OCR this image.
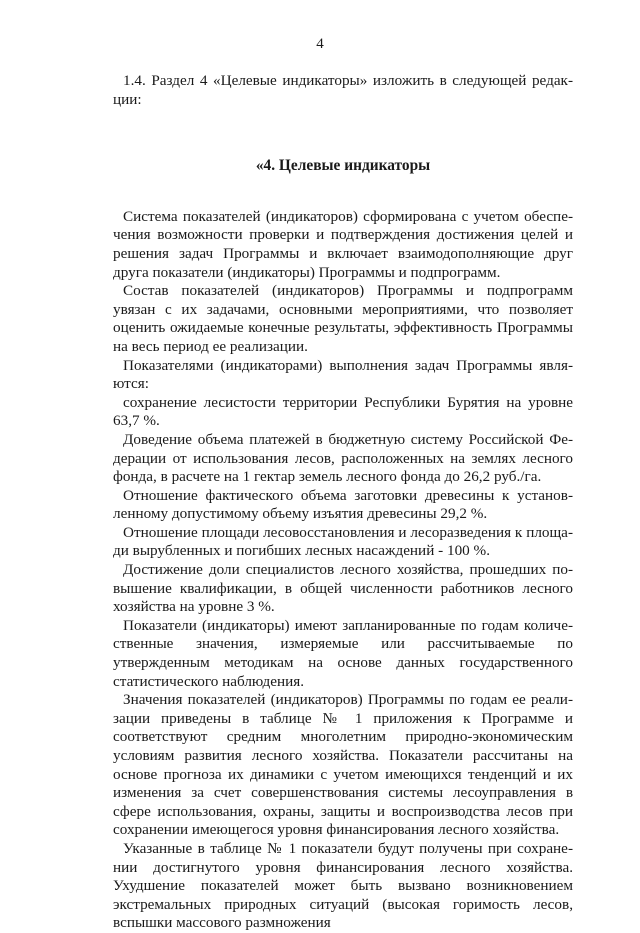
4

1.4. Раздел 4 «Целевые индикаторы» изложить в следующей редакции:

«4. Целевые индикаторы

Система показателей (индикаторов) сформирована с учетом обеспечения возможности проверки и подтверждения достижения целей и решения задач Программы и включает взаимодополняющие друг друга показатели (индикаторы) Программы и подпрограмм.

Состав показателей (индикаторов) Программы и подпрограмм увязан с их задачами, основными мероприятиями, что позволяет оценить ожидаемые конечные результаты, эффективность Программы на весь период ее реализации.

Показателями (индикаторами) выполнения задач Программы являются:

сохранение лесистости территории Республики Бурятия на уровне 63,7 %.

Доведение объема платежей в бюджетную систему Российской Федерации от использования лесов, расположенных на землях лесного фонда, в расчете на 1 гектар земель лесного фонда до 26,2 руб./га.

Отношение фактического объема заготовки древесины к установленному допустимому объему изъятия древесины 29,2 %.

Отношение площади лесовосстановления и лесоразведения к площади вырубленных и погибших лесных насаждений - 100 %.

Достижение доли специалистов лесного хозяйства, прошедших повышение квалификации, в общей численности работников лесного хозяйства на уровне 3 %.

Показатели (индикаторы) имеют запланированные по годам количественные значения, измеряемые или рассчитываемые по утвержденным методикам на основе данных государственного статистического наблюдения.

Значения показателей (индикаторов) Программы по годам ее реализации приведены в таблице № 1 приложения к Программе и соответствуют средним многолетним природно-экономическим условиям развития лесного хозяйства. Показатели рассчитаны на основе прогноза их динамики с учетом имеющихся тенденций и их изменения за счет совершенствования системы лесоуправления в сфере использования, охраны, защиты и воспроизводства лесов при сохранении имеющегося уровня финансирования лесного хозяйства.

Указанные в таблице № 1 показатели будут получены при сохранении достигнутого уровня финансирования лесного хозяйства. Ухудшение показателей может быть вызвано возникновением экстремальных природных ситуаций (высокая горимость лесов, вспышки массового размножения
